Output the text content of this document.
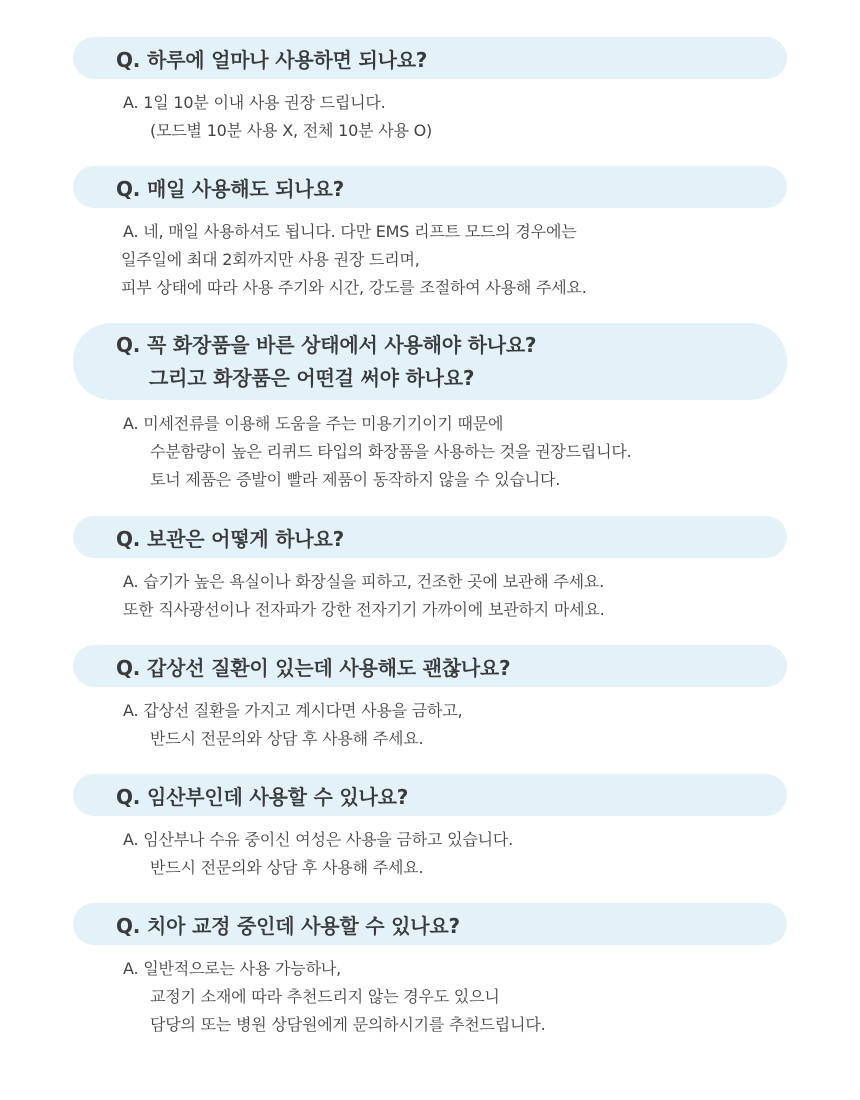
Q. 하루에 얼마나 사용하면 되나요?
A. 1일 10분 이내 사용 권장 드립니다.
(모드별 10분 사용 X, 전체 10분 사용 O)
Q. 매일 사용해도 되나요?
A. 네, 매일 사용하셔도 됩니다. 다만 EMS 리프트 모드의 경우에는
일주일에 최대 2회까지만 사용 권장 드리며,
피부 상태에 따라 사용 주기와 시간, 강도를 조절하여 사용해 주세요.
Q. 꼭 화장품을 바른 상태에서 사용해야 하나요?
그리고 화장품은 어떤걸 써야 하나요?
A. 미세전류를 이용해 도움을 주는 미용기기이기 때문에
수분함량이 높은 리퀴드 타입의 화장품을 사용하는 것을 권장드립니다.
토너 제품은 증발이 빨라 제품이 동작하지 않을 수 있습니다.
Q. 보관은 어떻게 하나요?
A. 습기가 높은 욕실이나 화장실을 피하고, 건조한 곳에 보관해 주세요.
또한 직사광선이나 전자파가 강한 전자기기 가까이에 보관하지 마세요.
Q. 갑상선 질환이 있는데 사용해도 괜찮나요?
A. 갑상선 질환을 가지고 계시다면 사용을 금하고,
반드시 전문의와 상담 후 사용해 주세요.
Q. 임산부인데 사용할 수 있나요?
A. 임산부나 수유 중이신 여성은 사용을 금하고 있습니다.
반드시 전문의와 상담 후 사용해 주세요.
Q. 치아 교정 중인데 사용할 수 있나요?
A. 일반적으로는 사용 가능하나,
교정기 소재에 따라 추천드리지 않는 경우도 있으니
담당의 또는 병원 상담원에게 문의하시기를 추천드립니다.
